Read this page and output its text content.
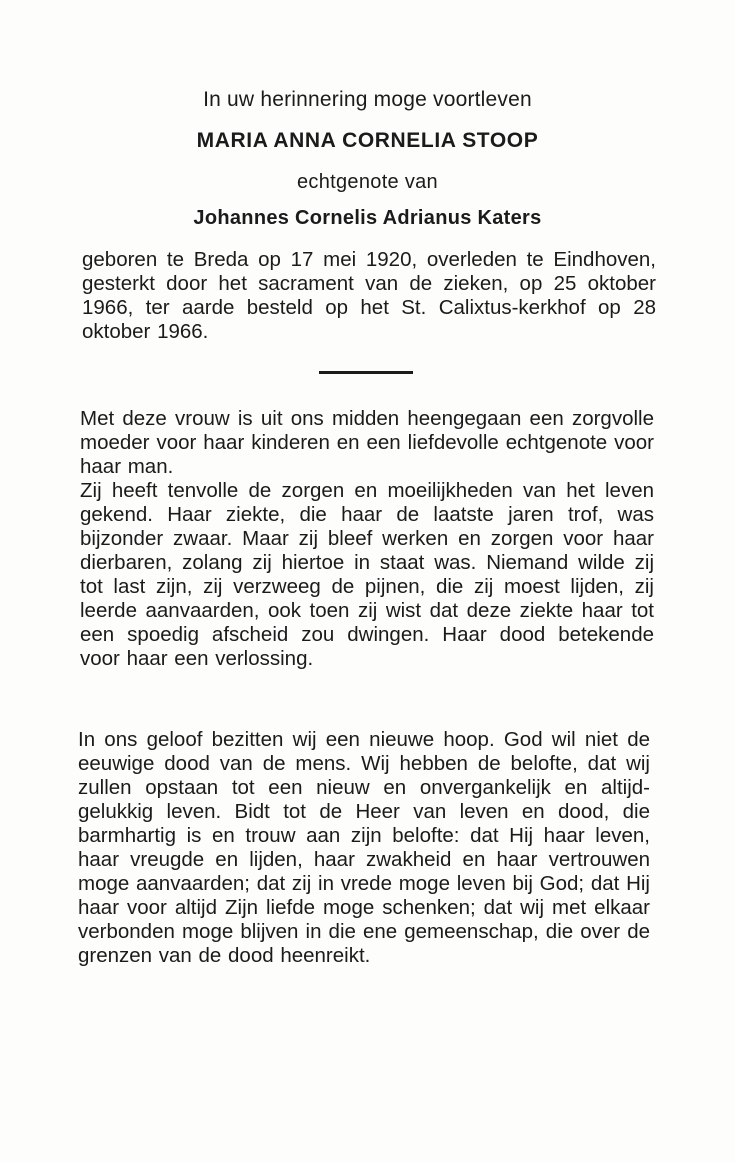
In uw herinnering moge voortleven
MARIA ANNA CORNELIA STOOP
echtgenote van
Johannes Cornelis Adrianus Katers

geboren te Breda op 17 mei 1920, overleden te Eindhoven, gesterkt door het sacrament van de zieken, op 25 oktober 1966, ter aarde besteld op het St. Calixtus-kerkhof op 28 oktober 1966.

Met deze vrouw is uit ons midden heengegaan een zorgvolle moeder voor haar kinderen en een liefdevolle echtgenote voor haar man.

Zij heeft tenvolle de zorgen en moeilijkheden van het leven gekend. Haar ziekte, die haar de laatste jaren trof, was bijzonder zwaar. Maar zij bleef werken en zorgen voor haar dierbaren, zolang zij hiertoe in staat was. Niemand wilde zij tot last zijn, zij verzweeg de pijnen, die zij moest lijden, zij leerde aanvaarden, ook toen zij wist dat deze ziekte haar tot een spoedig afscheid zou dwingen. Haar dood betekende voor haar een verlossing.

In ons geloof bezitten wij een nieuwe hoop. God wil niet de eeuwige dood van de mens. Wij hebben de belofte, dat wij zullen opstaan tot een nieuw en onvergankelijk en altijd-gelukkig leven. Bidt tot de Heer van leven en dood, die barmhartig is en trouw aan zijn belofte: dat Hij haar leven, haar vreugde en lijden, haar zwakheid en haar vertrouwen moge aanvaarden; dat zij in vrede moge leven bij God; dat Hij haar voor altijd Zijn liefde moge schenken; dat wij met elkaar verbonden moge blijven in die ene gemeenschap, die over de grenzen van de dood heenreikt.
